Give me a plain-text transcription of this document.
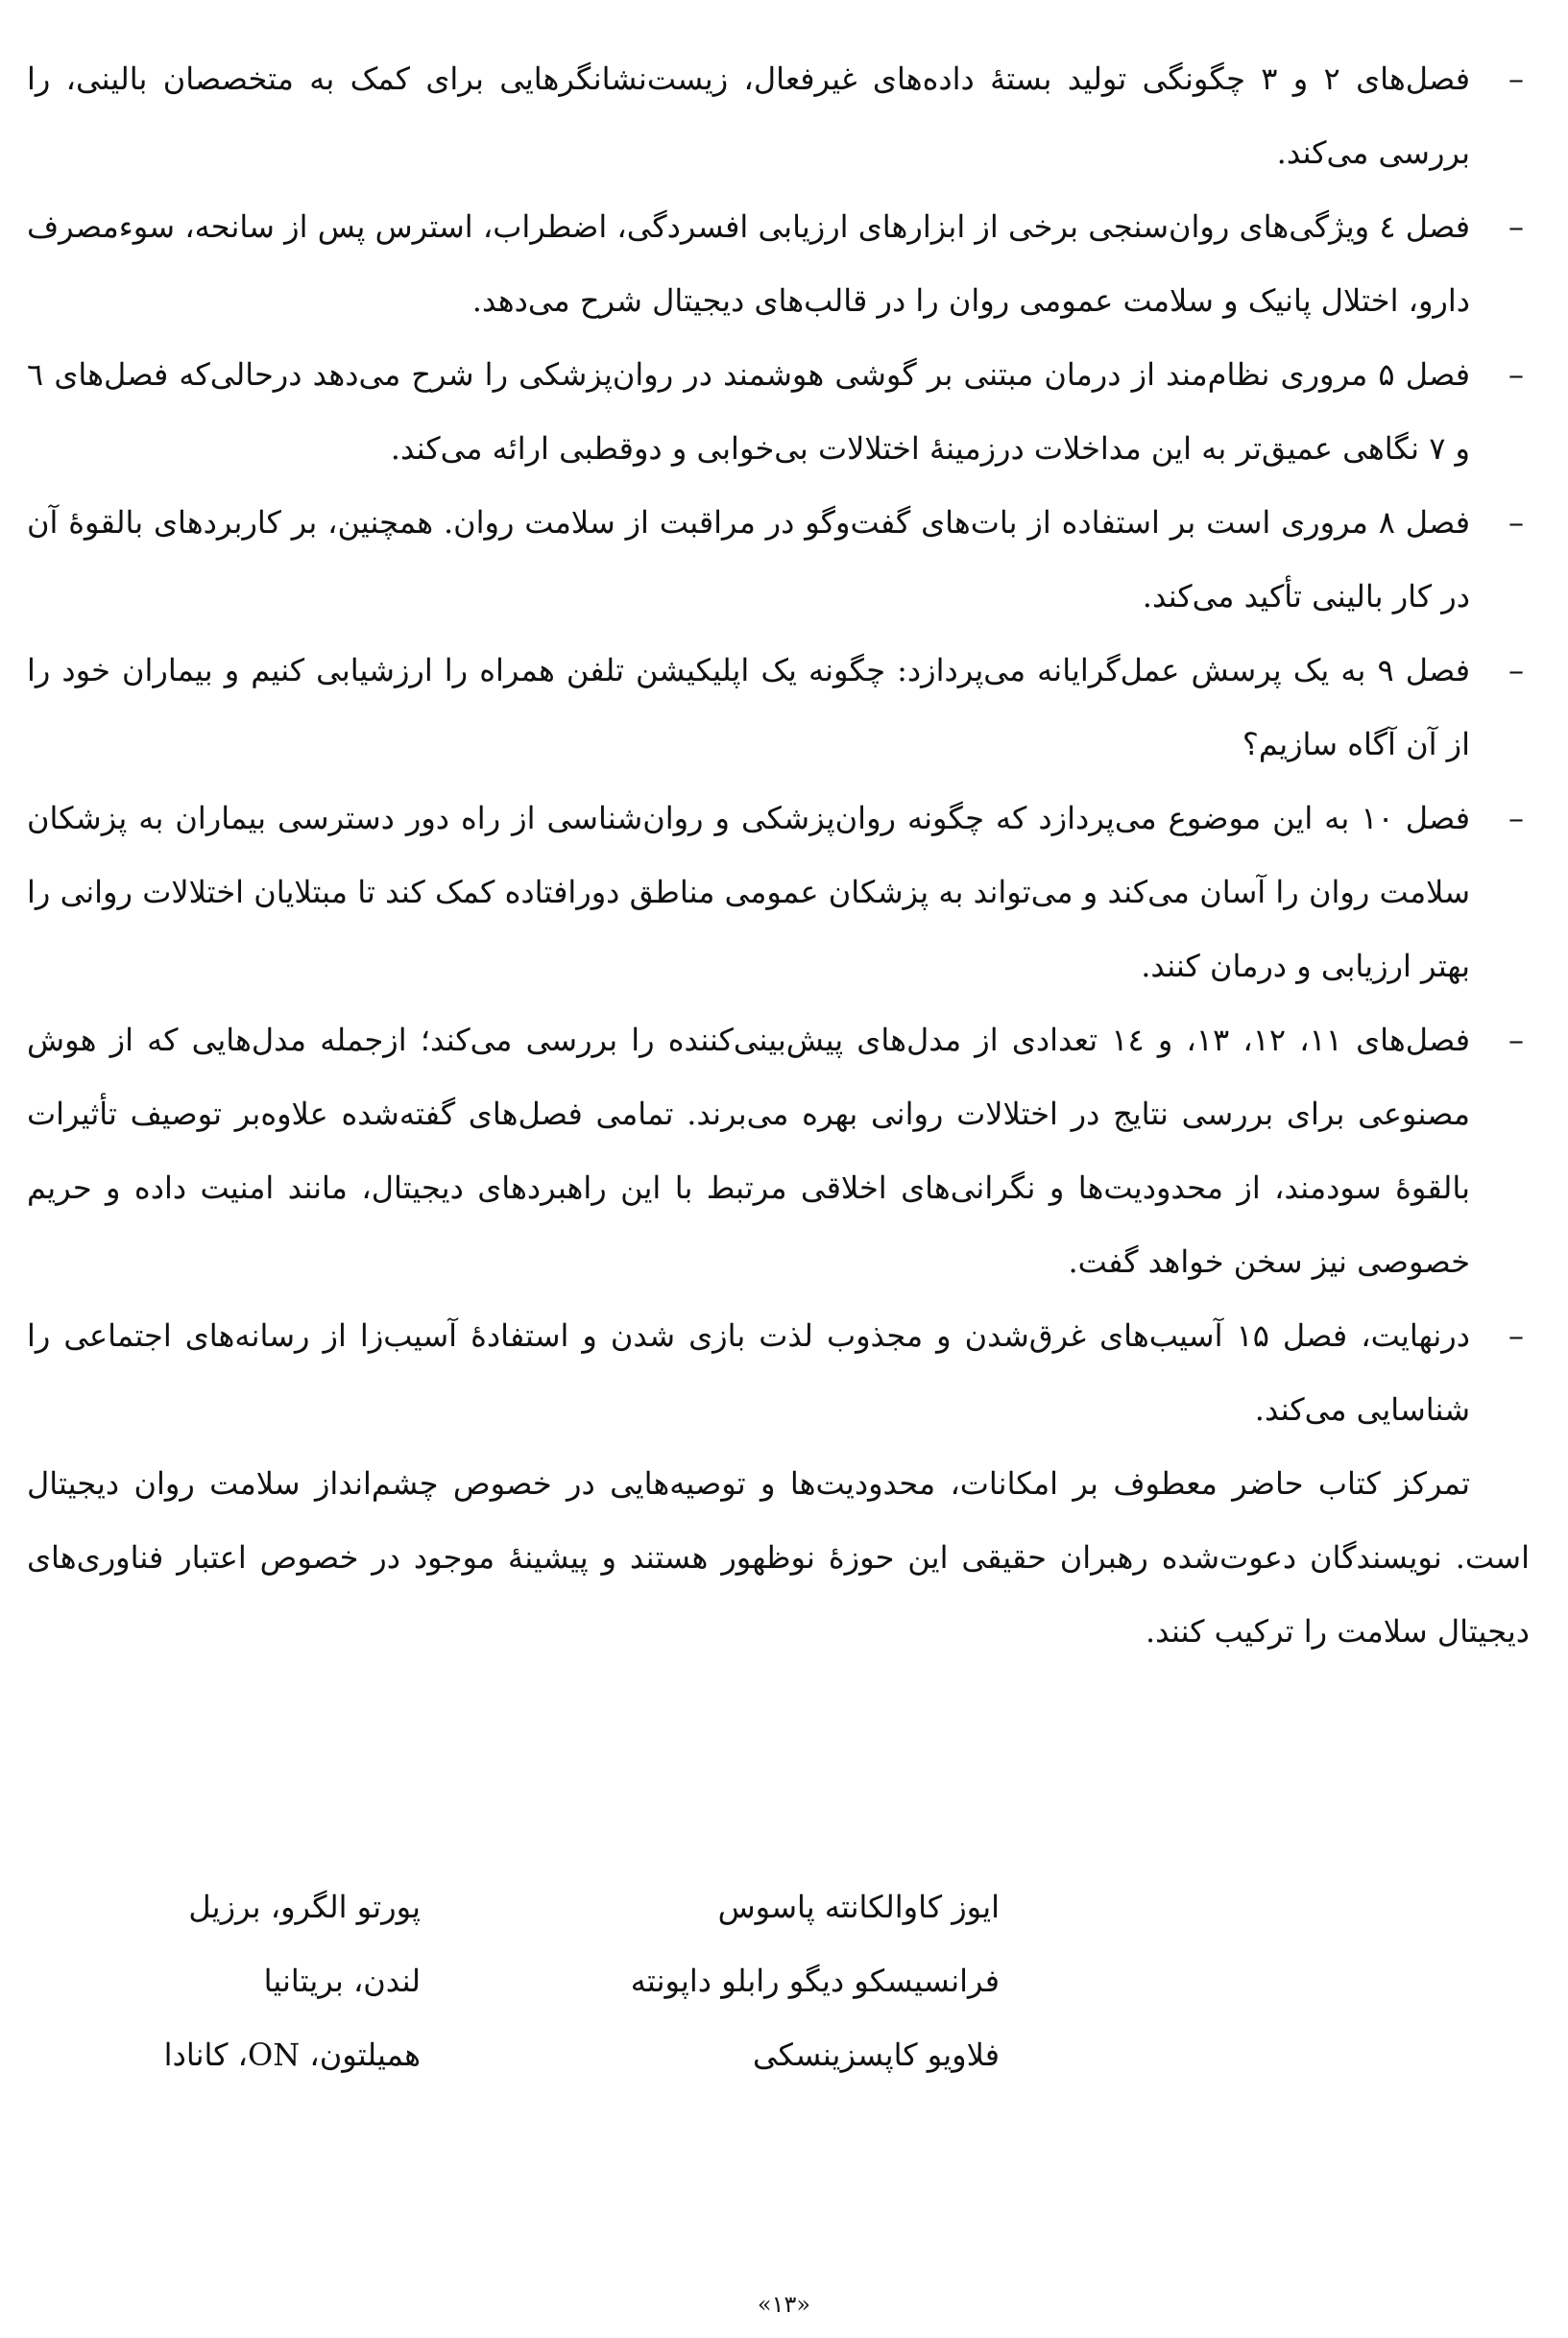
–
فصل‌های ۲ و ۳ چگونگی تولید بستهٔ داده‌های غیرفعال، زیست‌نشانگرهایی برای کمک به متخصصان بالینی، را بررسی می‌کند.
–
فصل ٤ ویژگی‌های روان‌سنجی برخی از ابزارهای ارزیابی افسردگی، اضطراب، استرس پس از سانحه، سوءمصرف دارو، اختلال پانیک و سلامت عمومی روان را در قالب‌های دیجیتال شرح می‌دهد.
–
فصل ۵ مروری نظام‌مند از درمان مبتنی بر گوشی هوشمند در روان‌پزشکی را شرح می‌دهد درحالی‌که فصل‌های ٦ و ۷ نگاهی عمیق‌تر به این مداخلات درزمینهٔ اختلالات بی‌خوابی و دوقطبی ارائه می‌کند.
–
فصل ۸ مروری است بر استفاده از بات‌های گفت‌وگو در مراقبت از سلامت روان. همچنین، بر کاربردهای بالقوهٔ آن در کار بالینی تأکید می‌کند.
–
فصل ۹ به یک پرسش عمل‌گرایانه می‌پردازد: چگونه یک اپلیکیشن تلفن همراه را ارزشیابی کنیم و بیماران خود را از آن آگاه سازیم؟
–
فصل ۱۰ به این موضوع می‌پردازد که چگونه روان‌پزشکی و روان‌شناسی از راه دور دسترسی بیماران به پزشکان سلامت روان را آسان می‌کند و می‌تواند به پزشکان عمومی مناطق دورافتاده کمک کند تا مبتلایان اختلالات روانی را بهتر ارزیابی و درمان کنند.
–
فصل‌های ۱۱، ۱۲، ۱۳، و ١٤ تعدادی از مدل‌های پیش‌بینی‌کننده را بررسی می‌کند؛ ازجمله مدل‌هایی که از هوش مصنوعی برای بررسی نتایج در اختلالات روانی بهره می‌برند. تمامی فصل‌های گفته‌شده علاوه‌بر توصیف تأثیرات بالقوهٔ سودمند، از محدودیت‌ها و نگرانی‌های اخلاقی مرتبط با این راهبردهای دیجیتال، مانند امنیت داده و حریم خصوصی نیز سخن خواهد گفت.
–
درنهایت، فصل ۱۵ آسیب‌های غرق‌شدن و مجذوب لذت بازی شدن و استفادهٔ آسیب‌زا از رسانه‌های اجتماعی را شناسایی می‌کند.

تمرکز کتاب حاضر معطوف بر امکانات، محدودیت‌ها و توصیه‌هایی در خصوص چشم‌انداز سلامت روان دیجیتال است. نویسندگان دعوت‌شده رهبران حقیقی این حوزهٔ نوظهور هستند و پیشینهٔ موجود در خصوص اعتبار فناوری‌های دیجیتال سلامت را ترکیب کنند.

ایوز کاوالکانته پاسوس
فرانسیسکو دیگو رابلو داپونته
فلاویو کاپسزینسکی
پورتو الگرو، برزیل
لندن، بریتانیا
همیلتون، ON، کانادا
«۱۳»
